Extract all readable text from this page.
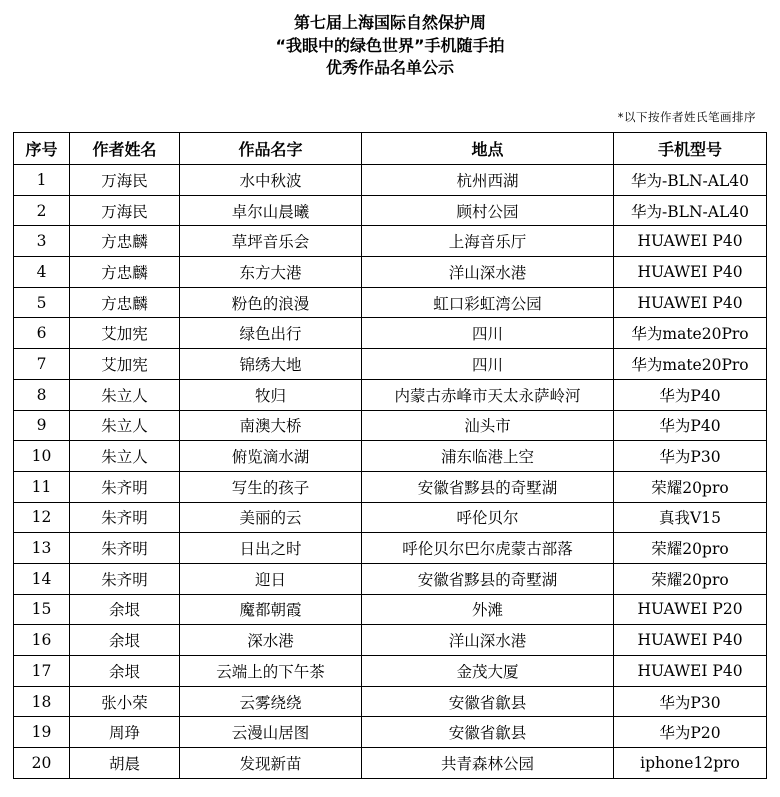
第七届上海国际自然保护周
“我眼中的绿色世界”手机随手拍
优秀作品名单公示
*以下按作者姓氏笔画排序
序号	作者姓名	作品名字	地点	手机型号
1	万海民	水中秋波	杭州西湖	华为-BLN-AL40
2	万海民	卓尔山晨曦	顾村公园	华为-BLN-AL40
3	方忠麟	草坪音乐会	上海音乐厅	HUAWEI P40
4	方忠麟	东方大港	洋山深水港	HUAWEI P40
5	方忠麟	粉色的浪漫	虹口彩虹湾公园	HUAWEI P40
6	艾加宪	绿色出行	四川	华为mate20Pro
7	艾加宪	锦绣大地	四川	华为mate20Pro
8	朱立人	牧归	内蒙古赤峰市天太永萨岭河	华为P40
9	朱立人	南澳大桥	汕头市	华为P40
10	朱立人	俯览滴水湖	浦东临港上空	华为P30
11	朱齐明	写生的孩子	安徽省黟县的奇墅湖	荣耀20pro
12	朱齐明	美丽的云	呼伦贝尔	真我V15
13	朱齐明	日出之时	呼伦贝尔巴尔虎蒙古部落	荣耀20pro
14	朱齐明	迎日	安徽省黟县的奇墅湖	荣耀20pro
15	余垠	魔都朝霞	外滩	HUAWEI P20
16	余垠	深水港	洋山深水港	HUAWEI P40
17	余垠	云端上的下午茶	金茂大厦	HUAWEI P40
18	张小荣	云雾绕绕	安徽省歙县	华为P30
19	周琤	云漫山居图	安徽省歙县	华为P20
20	胡晨	发现新苗	共青森林公园	iphone12pro
